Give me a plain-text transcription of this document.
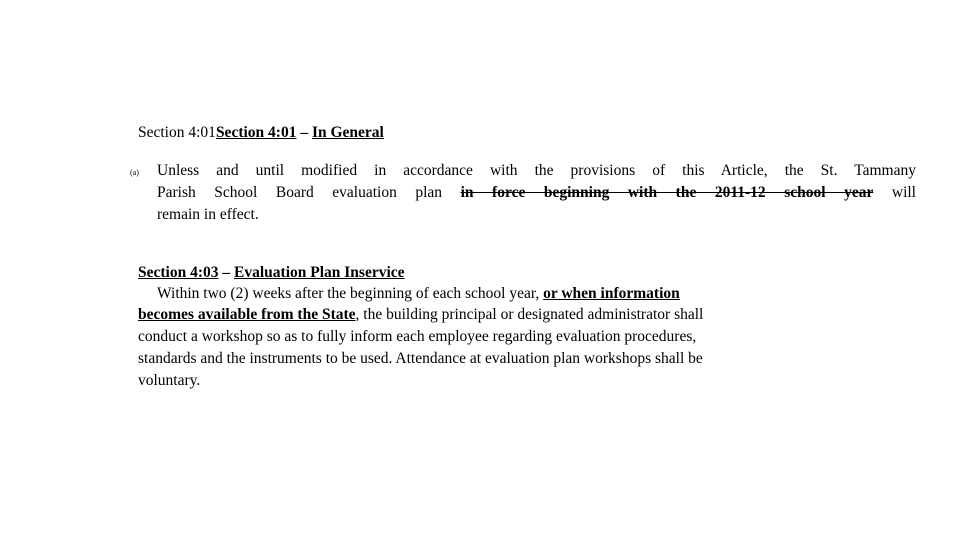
Section 4:01Section 4:01 – In General
(a) Unless and until modified in accordance with the provisions of this Article, the St. Tammany
Parish School Board evaluation plan in force beginning with the 2011-12 school year will
remain in effect.
Section 4:03 – Evaluation Plan Inservice
Within two (2) weeks after the beginning of each school year, or when information
becomes available from the State, the building principal or designated administrator shall
conduct a workshop so as to fully inform each employee regarding evaluation procedures,
standards and the instruments to be used. Attendance at evaluation plan workshops shall be
voluntary.
